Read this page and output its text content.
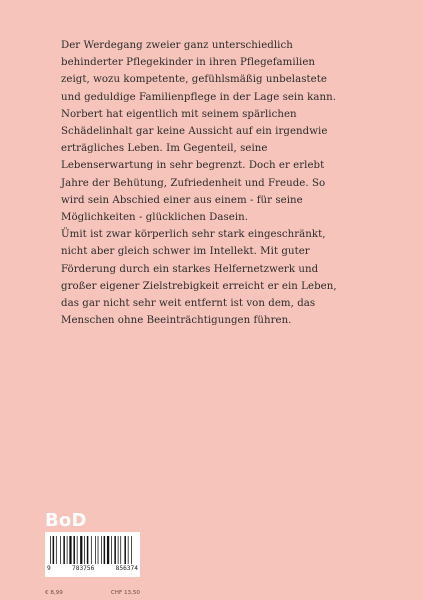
Der Werdegang zweier ganz unterschiedlich
behinderter Pflegekinder in ihren Pflegefamilien
zeigt, wozu kompetente, gefühlsmäßig unbelastete
und geduldige Familienpflege in der Lage sein kann.
Norbert hat eigentlich mit seinem spärlichen
Schädelinhalt gar keine Aussicht auf ein irgendwie
erträgliches Leben. Im Gegenteil, seine
Lebenserwartung in sehr begrenzt. Doch er erlebt
Jahre der Behütung, Zufriedenheit und Freude. So
wird sein Abschied einer aus einem - für seine
Möglichkeiten - glücklichen Dasein.

Ümit ist zwar körperlich sehr stark eingeschränkt,
nicht aber gleich schwer im Intellekt. Mit guter
Förderung durch ein starkes Helfernetzwerk und
großer eigener Zielstrebigkeit erreicht er ein Leben,
das gar nicht sehr weit entfernt ist von dem, das
Menschen ohne Beeinträchtigungen führen.

BoD
9	783756	856374
€ 8,99	CHF 13,50
